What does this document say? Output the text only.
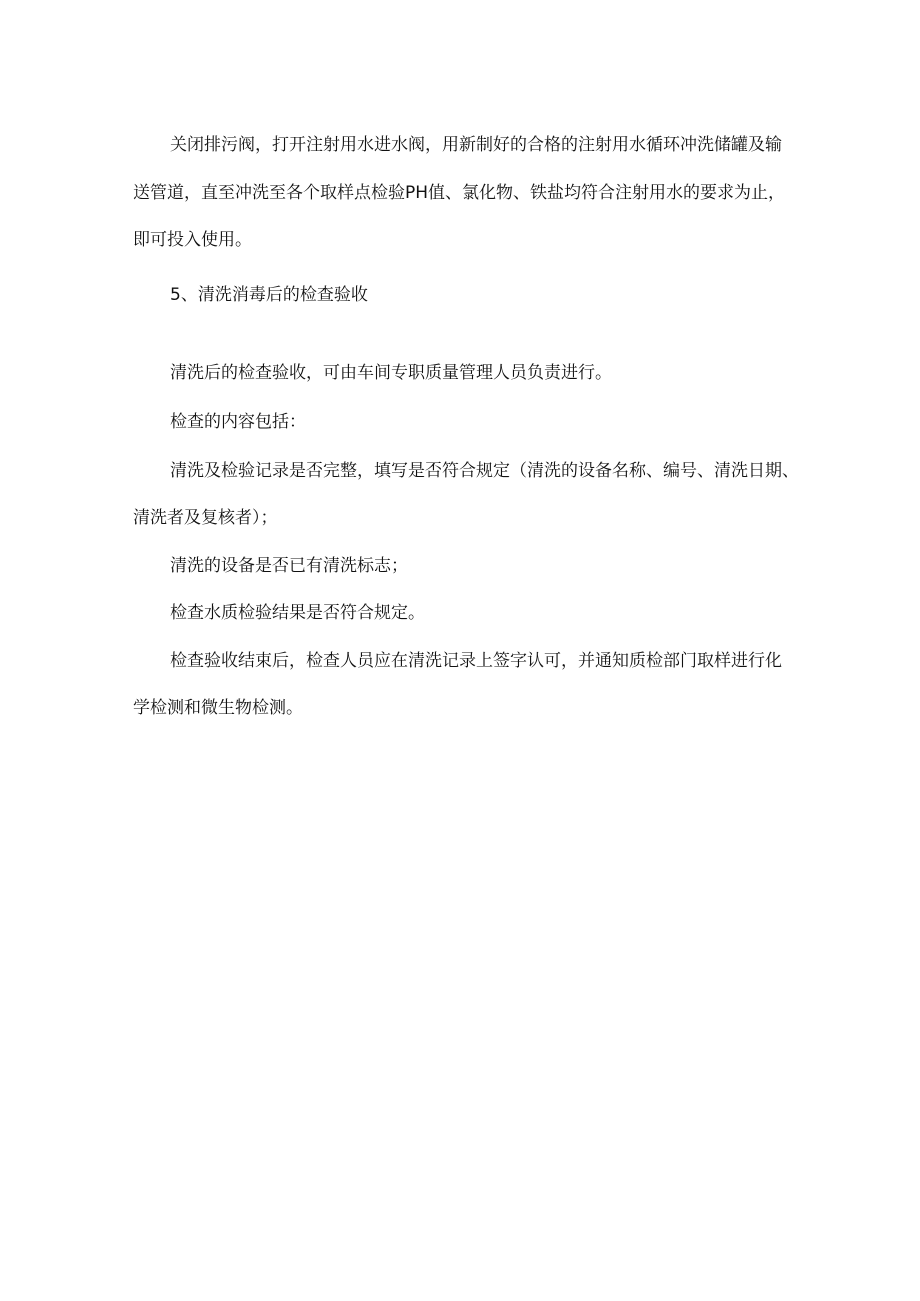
关闭排污阀，打开注射用水进水阀，用新制好的合格的注射用水循环冲洗储罐及输
送管道，直至冲洗至各个取样点检验PH值、氯化物、铁盐均符合注射用水的要求为止，
即可投入使用。
5、清洗消毒后的检查验收
清洗后的检查验收，可由车间专职质量管理人员负责进行。
检查的内容包括：
清洗及检验记录是否完整，填写是否符合规定（清洗的设备名称、编号、清洗日期、
清洗者及复核者）；
清洗的设备是否已有清洗标志；
检查水质检验结果是否符合规定。
检查验收结束后，检查人员应在清洗记录上签字认可，并通知质检部门取样进行化
学检测和微生物检测。
